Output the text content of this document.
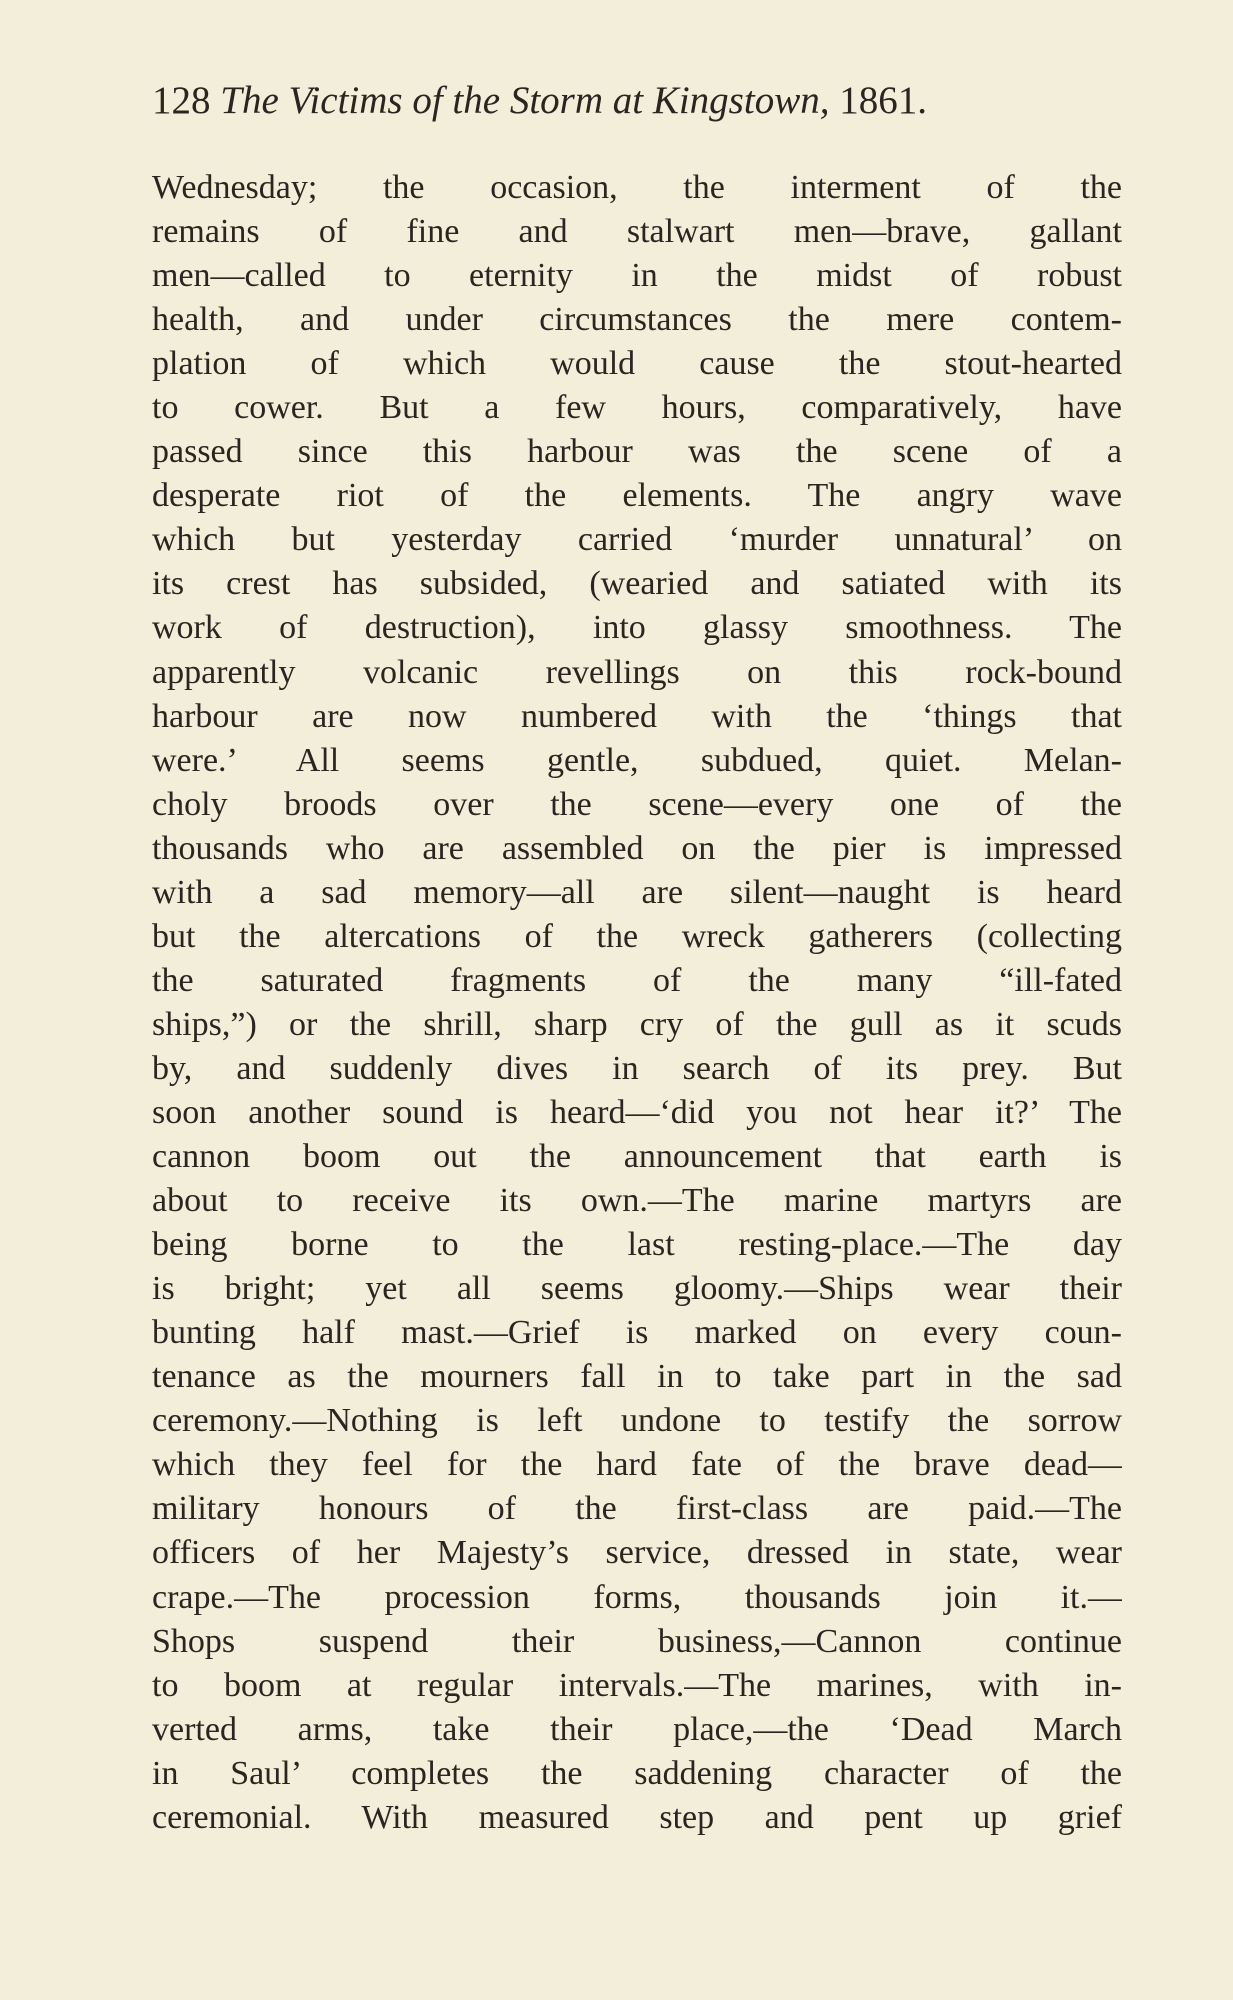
128 The Victims of the Storm at Kingstown, 1861.
Wednesday; the occasion, the interment of the
remains of fine and stalwart men—brave, gallant
men—called to eternity in the midst of robust
health, and under circumstances the mere contem-
plation of which would cause the stout-hearted
to cower. But a few hours, comparatively, have
passed since this harbour was the scene of a
desperate riot of the elements. The angry wave
which but yesterday carried ‘murder unnatural’ on
its crest has subsided, (wearied and satiated with its
work of destruction), into glassy smoothness. The
apparently volcanic revellings on this rock-bound
harbour are now numbered with the ‘things that
were.’ All seems gentle, subdued, quiet. Melan-
choly broods over the scene—every one of the
thousands who are assembled on the pier is impressed
with a sad memory—all are silent—naught is heard
but the altercations of the wreck gatherers (collecting
the saturated fragments of the many “ill-fated
ships,”) or the shrill, sharp cry of the gull as it scuds
by, and suddenly dives in search of its prey. But
soon another sound is heard—‘did you not hear it?’ The
cannon boom out the announcement that earth is
about to receive its own.—The marine martyrs are
being borne to the last resting-place.—The day
is bright; yet all seems gloomy.—Ships wear their
bunting half mast.—Grief is marked on every coun-
tenance as the mourners fall in to take part in the sad
ceremony.—Nothing is left undone to testify the sorrow
which they feel for the hard fate of the brave dead—
military honours of the first-class are paid.—The
officers of her Majesty’s service, dressed in state, wear
crape.—The procession forms, thousands join it.—
Shops suspend their business,—Cannon continue
to boom at regular intervals.—The marines, with in-
verted arms, take their place,—the ‘Dead March
in Saul’ completes the saddening character of the
ceremonial. With measured step and pent up grief
